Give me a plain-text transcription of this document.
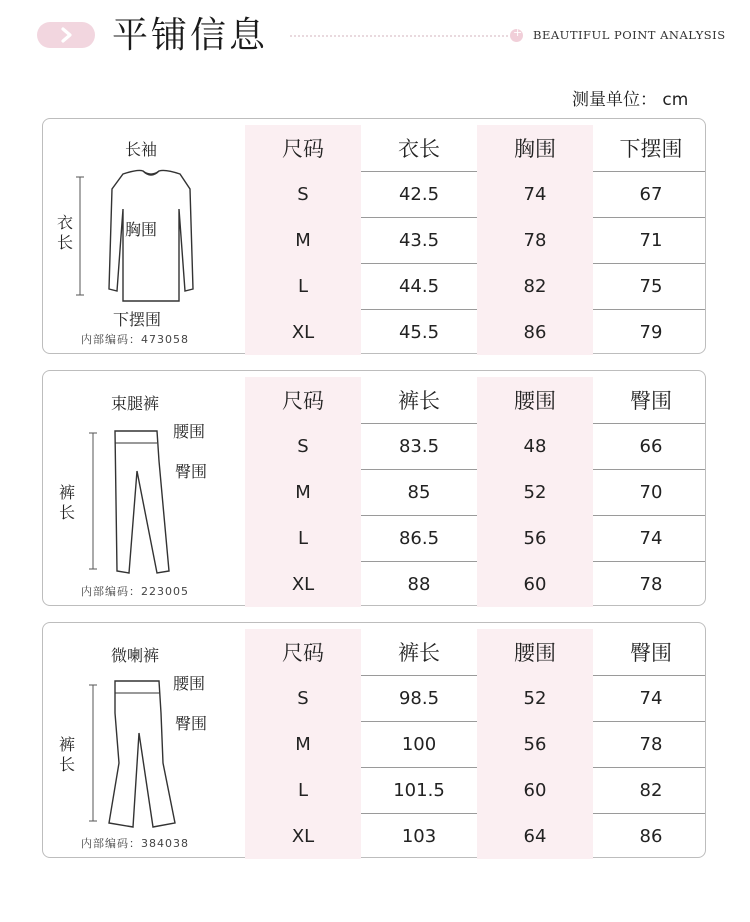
平铺信息
+	BEAUTIFUL POINT ANALYSIS
测量单位： cm
长袖
衣长
胸围
下摆围
内部编码：473058
尺码	衣长	胸围	下摆围
S	42.5	74	67
M	43.5	78	71
L	44.5	82	75
XL	45.5	86	79
束腿裤
腰围
臀围
裤长
内部编码：223005
尺码	裤长	腰围	臀围
S	83.5	48	66
M	85	52	70
L	86.5	56	74
XL	88	60	78
微喇裤
腰围
臀围
裤长
内部编码：384038
尺码	裤长	腰围	臀围
S	98.5	52	74
M	100	56	78
L	101.5	60	82
XL	103	64	86
